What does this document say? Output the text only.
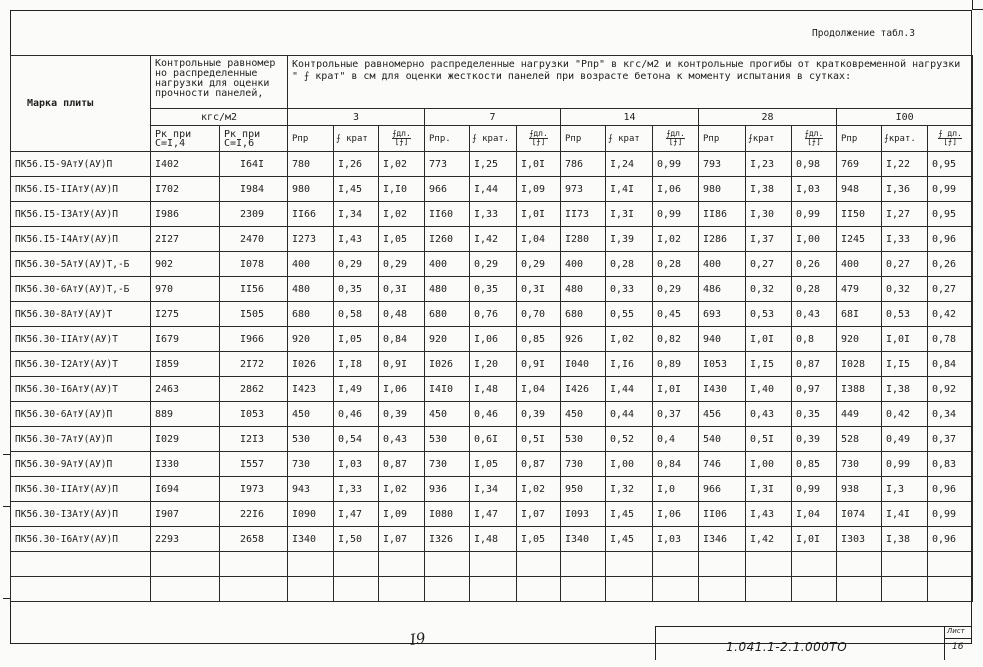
Продолжение табл.3
Марка плиты	Контрольные равномер но распределенные нагрузки для оценки прочности панелей,		Контрольные равномерно распределенные нагрузки "Рпр" в кгс/м2 и контрольные прогибы от кратковременной нагрузки " ⨍ крат" в см для оценки жесткости панелей при возрасте бетона к моменту испытания в сутках:														
	кгс/м2		3			7			14			28			I00		

	Рк при С=I,4	Рк при С=I,6	Рпр	⨍ крат	$\frac{⨍дл.}{[⨍]}$	Рпр.	⨍ крат.	$\frac{⨍дл.}{[⨍]}$	Рпр	⨍ крат	$\frac{⨍дл.}{[⨍]}$	Рпр	⨍крат	$\frac{⨍дл.}{[⨍]}$	Рпр	⨍крат.	$\frac{⨍ дл.}{[⨍]}$
ПК56.I5-9АтУ(АУ)П	I402	I64I	780	I,26	I,02	773	I,25	I,0I	786	I,24	0,99	793	I,23	0,98	769	I,22	0,95
ПК56.I5-IIАтУ(АУ)П	I702	I984	980	I,45	I,I0	966	I,44	I,09	973	I,4I	I,06	980	I,38	I,03	948	I,36	0,99
ПК56.I5-I3АтУ(АУ)П	I986	2309	II66	I,34	I,02	II60	I,33	I,0I	II73	I,3I	0,99	II86	I,30	0,99	II50	I,27	0,95
ПК56.I5-I4АтУ(АУ)П	2I27	2470	I273	I,43	I,05	I260	I,42	I,04	I280	I,39	I,02	I286	I,37	I,00	I245	I,33	0,96
ПК56.30-5АтУ(АУ)Т,-Б	902	I078	400	0,29	0,29	400	0,29	0,29	400	0,28	0,28	400	0,27	0,26	400	0,27	0,26
ПК56.30-6АтУ(АУ)Т,-Б	970	II56	480	0,35	0,3I	480	0,35	0,3I	480	0,33	0,29	486	0,32	0,28	479	0,32	0,27
ПК56.30-8АтУ(АУ)Т	I275	I505	680	0,58	0,48	680	0,76	0,70	680	0,55	0,45	693	0,53	0,43	68I	0,53	0,42
ПК56.30-IIАтУ(АУ)Т	I679	I966	920	I,05	0,84	920	I,06	0,85	926	I,02	0,82	940	I,0I	0,8	920	I,0I	0,78
ПК56.30-I2АтУ(АУ)Т	I859	2I72	I026	I,I8	0,9I	I026	I,20	0,9I	I040	I,I6	0,89	I053	I,I5	0,87	I028	I,I5	0,84
ПК56.30-I6АтУ(АУ)Т	2463	2862	I423	I,49	I,06	I4I0	I,48	I,04	I426	I,44	I,0I	I430	I,40	0,97	I388	I,38	0,92
ПК56.30-6АтУ(АУ)П	889	I053	450	0,46	0,39	450	0,46	0,39	450	0,44	0,37	456	0,43	0,35	449	0,42	0,34
ПК56.30-7АтУ(АУ)П	I029	I2I3	530	0,54	0,43	530	0,6I	0,5I	530	0,52	0,4	540	0,5I	0,39	528	0,49	0,37
ПК56.30-9АтУ(АУ)П	I330	I557	730	I,03	0,87	730	I,05	0,87	730	I,00	0,84	746	I,00	0,85	730	0,99	0,83
ПК56.30-IIАтУ(АУ)П	I694	I973	943	I,33	I,02	936	I,34	I,02	950	I,32	I,0	966	I,3I	0,99	938	I,3	0,96
ПК56.30-I3АтУ(АУ)П	I907	22I6	I090	I,47	I,09	I080	I,47	I,07	I093	I,45	I,06	II06	I,43	I,04	I074	I,4I	0,99
ПК56.30-I6АтУ(АУ)П	2293	2658	I340	I,50	I,07	I326	I,48	I,05	I340	I,45	I,03	I346	I,42	I,0I	I303	I,38	0,96

I9	1.041.1-2.1.000ТО
Лист
16
